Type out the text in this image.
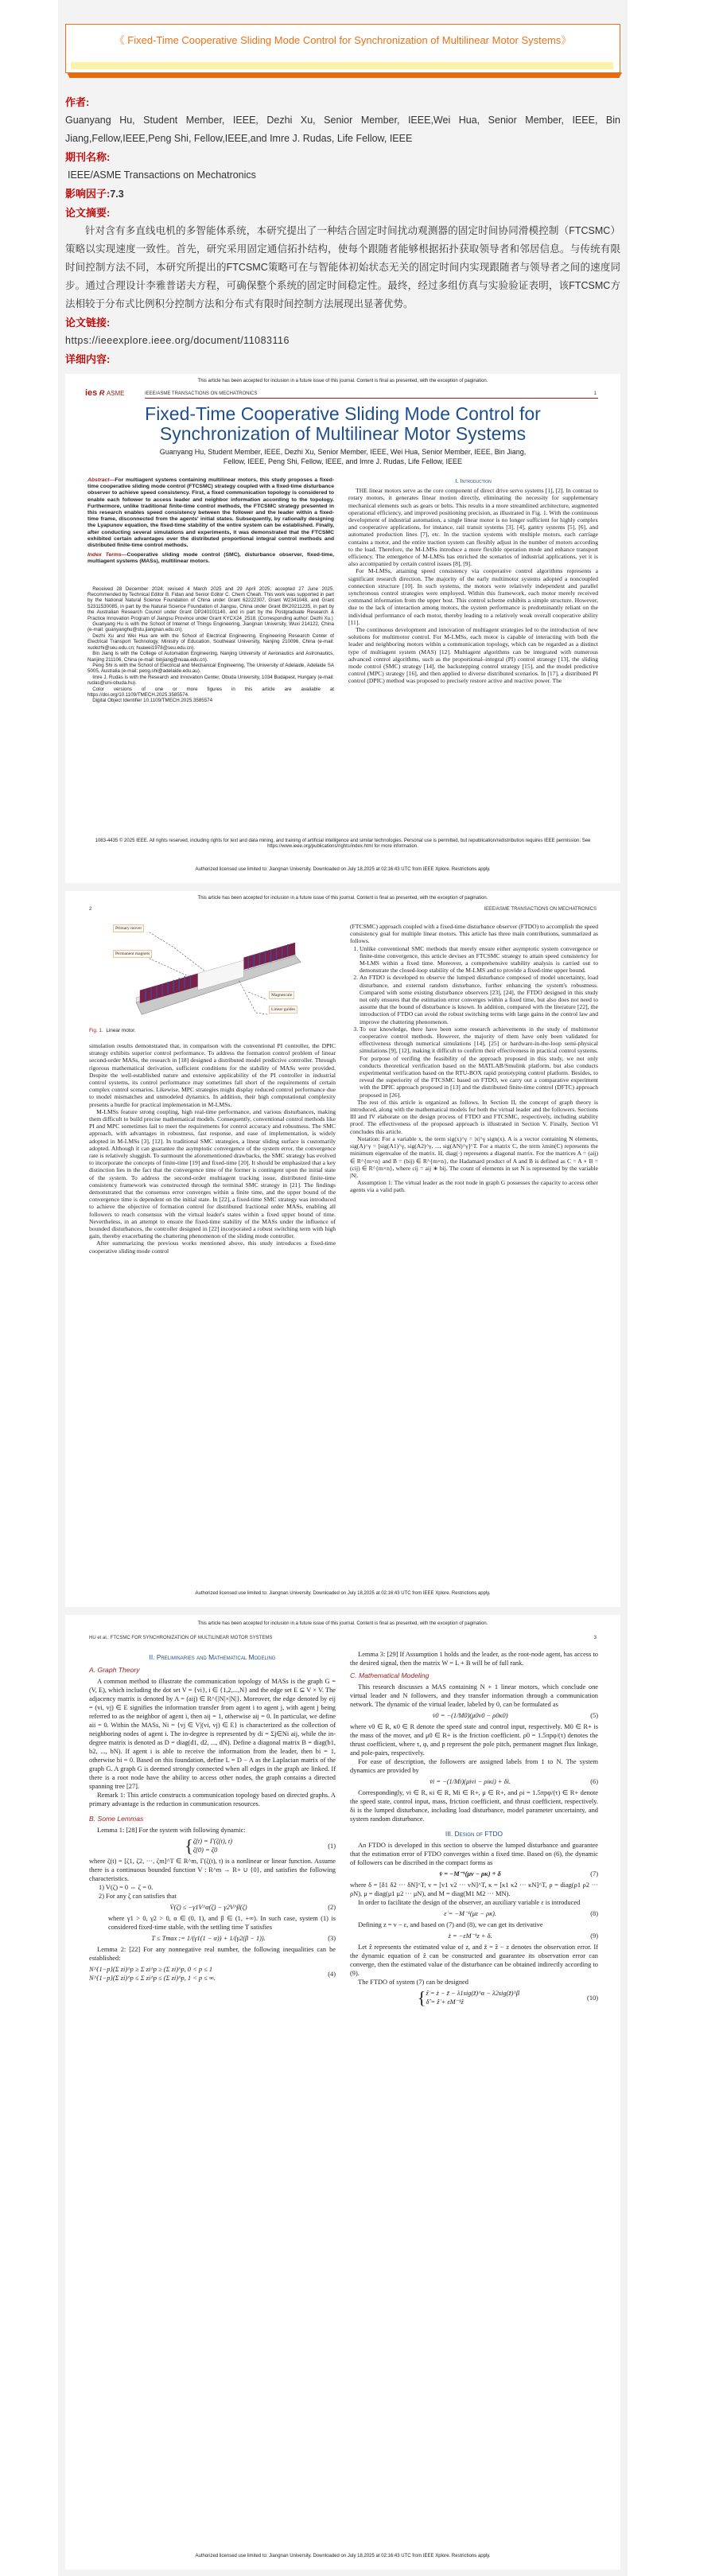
《 Fixed-Time Cooperative Sliding Mode Control for Synchronization of Multilinear Motor Systems》
作者:
Guanyang Hu, Student Member, IEEE, Dezhi Xu, Senior Member, IEEE,Wei Hua, Senior Member, IEEE, Bin Jiang,Fellow,IEEE,Peng Shi, Fellow,IEEE,and Imre J. Rudas, Life Fellow, IEEE
期刊名称:
IEEE/ASME Transactions on Mechatronics
影响因子:7.3
论文摘要:
针对含有多直线电机的多智能体系统，本研究提出了一种结合固定时间扰动观测器的固定时间协同滑模控制（FTCSMC）策略以实现速度一致性。首先，研究采用固定通信拓扑结构，使每个跟随者能够根据拓扑获取领导者和邻居信息。与传统有限时间控制方法不同，本研究所提出的FTCSMC策略可在与智能体初始状态无关的固定时间内实现跟随者与领导者之间的速度同步。通过合理设计李雅普诺夫方程，可确保整个系统的固定时间稳定性。最终，经过多组仿真与实验验证表明，该FTCSMC方法相较于分布式比例积分控制方法和分布式有限时间控制方法展现出显著优势。
论文链接:
https://ieeexplore.ieee.org/document/11083116
详细内容:
This article has been accepted for inclusion in a future issue of this journal. Content is final as presented, with the exception of pagination.
ies Ɍ ASME	IEEE/ASME TRANSACTIONS ON MECHATRONICS	1
Fixed-Time Cooperative Sliding Mode Control for Synchronization of Multilinear Motor Systems
Guanyang Hu, Student Member, IEEE, Dezhi Xu, Senior Member, IEEE, Wei Hua, Senior Member, IEEE, Bin Jiang, Fellow, IEEE, Peng Shi, Fellow, IEEE, and Imre J. Rudas, Life Fellow, IEEE
Abstract—For multiagent systems containing multilinear motors, this study proposes a fixed-time cooperative sliding mode control (FTCSMC) strategy coupled with a fixed-time disturbance observer to achieve speed consistency. First, a fixed communication topology is considered to enable each follower to access leader and neighbor information according to the topology. Furthermore, unlike traditional finite-time control methods, the FTCSMC strategy presented in this research enables speed consistency between the follower and the leader within a fixed-time frame, disconnected from the agents' initial states. Subsequently, by rationally designing the Lyapunov equation, the fixed-time stability of the entire system can be established. Finally, after conducting several simulations and experiments, it was demonstrated that the FTCSMC exhibited certain advantages over the distributed proportional integral control methods and distributed finite-time control methods.
Index Terms—Cooperative sliding mode control (SMC), disturbance observer, fixed-time, multiagent systems (MASs), multilinear motors.
Received 28 December 2024; revised 4 March 2025 and 29 April 2025; accepted 27 June 2025. Recommended by Technical Editor B. Fidan and Senior Editor C. Chern Cheah. This work was supported in part by the National Natural Science Foundation of China under Grant 62222307, Grant W2341048, and Grant 52311530085, in part by the Natural Science Foundation of Jiangsu, China under Grant BK20211235, in part by the Australian Research Council under Grant DP240101140, and in part by the Postgraduate Research & Practice Innovation Program of Jiangsu Province under Grant KYCX24_2518. (Corresponding author: Dezhi Xu.)
Guanyang Hu is with the School of Internet of Things Engineering, Jiangnan University, Wuxi 214122, China (e-mail: guanyanghu@stu.jiangnan.edu.cn).
Dezhi Xu and Wei Hua are with the School of Electrical Engineering, Engineering Research Center of Electrical Transport Technology, Ministry of Education, Southeast University, Nanjing 210096, China (e-mail: xudezhi@seu.edu.cn; huawei1978@seu.edu.cn).
Bin Jiang is with the College of Automation Engineering, Nanjing University of Aeronautics and Astronautics, Nanjing 211106, China (e-mail: binjiang@nuaa.edu.cn).
Peng Shi is with the School of Electrical and Mechanical Engineering, The University of Adelaide, Adelaide SA 5005, Australia (e-mail: peng.shi@adelaide.edu.au).
Imre J. Rudas is with the Research and Innovation Center, Obuda University, 1034 Budapest, Hungary (e-mail: rudas@uni-obuda.hu).
Color versions of one or more figures in this article are available at https://doi.org/10.1109/TMECH.2025.3585574.
Digital Object Identifier 10.1109/TMECH.2025.3585574
I. Introduction

THE linear motors serve as the core component of direct drive servo systems [1], [2]. In contrast to rotary motors, it generates linear motion directly, eliminating the necessity for supplementary mechanical elements such as gears or belts. This results in a more streamlined architecture, augmented operational efficiency, and improved positioning precision, as illustrated in Fig. 1. With the continuous development of industrial automation, a single linear motor is no longer sufficient for highly complex and cooperative applications, for instance, rail transit systems [3], [4], gantry systems [5], [6], and automated production lines [7], etc. In the traction systems with multiple motors, each carriage contains a motor, and the entire traction system can flexibly adjust in the number of motors according to the load. Therefore, the M-LMSs introduce a more flexible operation mode and enhance transport efficiency. The emergence of M-LMSs has enriched the scenarios of industrial applications, yet it is also accompanied by certain control issues [8], [9].

For M-LMSs, attaining speed consistency via cooperative control algorithms represents a significant research direction. The majority of the early multimotor systems adopted a noncoupled connection structure [10]. In such systems, the motors were relatively independent and parallel synchronous control strategies were employed. Within this framework, each motor merely received command information from the upper host. This control scheme exhibits a simple structure. However, due to the lack of interaction among motors, the system performance is predominantly reliant on the individual performance of each motor, thereby leading to a relatively weak overall cooperative ability [11].

The continuous development and innovation of multiagent strategies led to the introduction of new solutions for multimotor control. For M-LMSs, each motor is capable of interacting with both the leader and neighboring motors within a communication topology, which can be regarded as a distinct type of multiagent system (MAS) [12]. Multiagent algorithms can be integrated with numerous advanced control algorithms, such as the proportional–integral (PI) control strategy [13], the sliding mode control (SMC) strategy [14], the backstepping control strategy [15], and the model predictive control (MPC) strategy [16], and then applied to diverse distributed scenarios. In [17], a distributed PI control (DPIC) method was proposed to precisely restore active and reactive power. The

1083-4435 © 2025 IEEE. All rights reserved, including rights for text and data mining, and training of artificial intelligence and similar technologies. Personal use is permitted, but republication/redistribution requires IEEE permission. See https://www.ieee.org/publications/rights/index.html for more information.
Authorized licensed use limited to: Jiangnan University. Downloaded on July 18,2025 at 02:16:43 UTC from IEEE Xplore. Restrictions apply.
This article has been accepted for inclusion in a future issue of this journal. Content is final as presented, with the exception of pagination.
2	IEEE/ASME TRANSACTIONS ON MECHATRONICS
Primary mover
Permanent magnets
Magnescale
Linear guides
Fig. 1. Linear motor.

simulation results demonstrated that, in comparison with the conventional PI controller, the DPIC strategy exhibits superior control performance. To address the formation control problem of linear second-order MASs, the research in [18] designed a distributed model predictive controller. Through rigorous mathematical derivation, sufficient conditions for the stability of MASs were provided. Despite the well-established nature and extensive applicability of the PI controller in industrial control systems, its control performance may sometimes fall short of the requirements of certain complex control scenarios. Likewise, MPC strategies might display reduced control performance due to model mismatches and unmodeled dynamics. In addition, their high computational complexity presents a hurdle for practical implementation in M-LMSs.

M-LMSs feature strong coupling, high real-time performance, and various disturbances, making them difficult to build precise mathematical models. Consequently, conventional control methods like PI and MPC sometimes fail to meet the requirements for control accuracy and robustness. The SMC approach, with advantages in robustness, fast response, and ease of implementation, is widely adopted in M-LMSs [3], [12]. In traditional SMC strategies, a linear sliding surface is customarily adopted. Although it can guarantee the asymptotic convergence of the system error, the convergence rate is relatively sluggish. To surmount the aforementioned drawbacks, the SMC strategy has evolved to incorporate the concepts of finite-time [19] and fixed-time [20]. It should be emphasized that a key distinction lies in the fact that the convergence time of the former is contingent upon the initial state of the system. To address the second-order multiagent tracking issue, distributed finite-time consistency framework was constructed through the terminal SMC strategy in [21]. The findings demonstrated that the consensus error converges within a finite time, and the upper bound of the convergence time is dependent on the initial state. In [22], a fixed-time SMC strategy was introduced to achieve the objective of formation control for distributed fractional order MASs, enabling all followers to reach consensus with the virtual leader's states within a fixed upper bound of time. Nevertheless, in an attempt to ensure the fixed-time stability of the MASs under the influence of bounded disturbances, the controller designed in [22] incorporated a robust switching term with high gain, thereby exacerbating the chattering phenomenon of the sliding mode controller.

After summarizing the previous works mentioned above, this study introduces a fixed-time cooperative sliding mode control

(FTCSMC) approach coupled with a fixed-time disturbance observer (FTDO) to accomplish the speed consistency goal for multiple linear motors. This article has three main contributions, summarized as follows.

1. Unlike conventional SMC methods that merely ensure either asymptotic system convergence or finite-time convergence, this article devises an FTCSMC strategy to attain speed consistency for M-LMS within a fixed time. Moreover, a comprehensive stability analysis is carried out to demonstrate the closed-loop stability of the M-LMS and to provide a fixed-time upper bound.
2. An FTDO is developed to observe the lumped disturbance composed of model uncertainty, load disturbance, and external random disturbance, further enhancing the system's robustness. Compared with some existing disturbance observers [23], [24], the FTDO designed in this study not only ensures that the estimation error converges within a fixed time, but also does not need to assume that the bound of disturbance is known. In addition, compared with the literature [22], the introduction of FTDO can avoid the robust switching terms with large gains in the control law and improve the chattering phenomenon.
3. To our knowledge, there have been some research achievements in the study of multimotor cooperative control methods. However, the majority of them have only been validated for effectiveness through numerical simulations [14], [25] or hardware-in-the-loop semi-physical simulations [9], [12], making it difficult to confirm their effectiveness in practical control systems. For purpose of verifing the feasibility of the approach proposed in this study, we not only conducts theoretical verification based on the MATLAB/Smulink platform, but also conducts experimental verification based on the RTU-BOX rapid prototyping control platform. Besides, to reveal the superiority of the FTCSMC based on FTDO, we carry out a comparative experiment with the DPIC approach proposed in [13] and the distributed finite-time control (DFTC) approach proposed in [26].

The rest of this article is organized as follows. In Section II, the concept of graph theory is introduced, along with the mathematical models for both the virtual leader and the followers. Sections III and IV elaborate on the design process of FTDO and FTCSMC, respectively, including stability proof. The effectiveness of the proposed approach is illustrated in Section V. Finally, Section VI concludes this article.

Notation: For a variable x, the term sig(x)^γ = |x|^γ sign(x). A is a vector containing N elements, sig(A)^γ = [sig(A1)^γ, sig(A2)^γ, ..., sig(AN)^γ]^T. For a matrix C, the term λmin(C) represents the minimum eigenvalue of the matrix. H, diag(·) represents a diagonal matrix. For the matrices A = (aij) ∈ R^{m×n} and B = (bij) ∈ R^{m×n}, the Hadamard product of A and B is defined as C = A ∘ B = (cij) ∈ R^{m×n}, where cij = aij ∗ bij. The count of elements in set N is represented by the variable |N|.

Assumption 1: The virtual leader as the root node in graph G possesses the capacity to access other agents via a valid path.

Authorized licensed use limited to: Jiangnan University. Downloaded on July 18,2025 at 02:16:43 UTC from IEEE Xplore. Restrictions apply.
This article has been accepted for inclusion in a future issue of this journal. Content is final as presented, with the exception of pagination.
HU et al.: FTCSMC FOR SYNCHRONIZATION OF MULTILINEAR MOTOR SYSTEMS	3
II. Preliminaries and Mathematical Modeling
A. Graph Theory

A common method to illustrate the communication topology of MASs is the graph G = (V, E), which including the dot set V = {vi}, i ∈ {1,2,...,N} and the edge set E ⊆ V × V. The adjacency matrix is denoted by A = (aij) ∈ R^{|N|×|N|}. Moreover, the edge denoted by eij = (vi, vj) ∈ E signifies the information transfer from agent i to agent j, with agent j being referred to as the neighbor of agent i, then aij = 1, otherwise aij = 0. In particular, we define aii = 0. Within the MASs, Ni = {vj ∈ V|(vi, vj) ∈ E} is characterized as the collection of neighboring nodes of agent i. The in-degree is represented by di = Σj∈Ni aij, while the in-degree matrix is denoted as D = diag(d1, d2, ..., dN). Define a diagonal matrix B = diag(b1, b2, ..., bN). If agent i is able to receive the information from the leader, then bi = 1, otherwise bi = 0. Based on this foundation, define L = D − A as the Laplacian matrix of the graph G. A graph G is deemed strongly connected when all edges in the graph are linked. If there is a root node have the ability to access other nodes, the graph contains a directed spanning tree [27].

Remark 1: This article constructs a communication topology based on directed graphs. A primary advantage is the reduction in communication resources.

B. Some Lemmas

Lemma 1: [28] For the system with following dynamic:

{ζ̇(t) = Γ(ζ(t), t)
ζ(0) = ζ0
(1)

where ζ(t) = [ζ1, ζ2, ···, ζm]^T ∈ R^m, Γ(ζ(t), t) is a nonlinear or linear function. Assume there is a continuous bounded function V : R^m → R+ ∪ {0}, and satisfies the following characteristics.

1) V(ζ) = 0 ⇔ ζ = 0.
2) For any ζ can satisfies that
V̇(ζ) ≤ −γ1V^α(ζ) − γ2V^β(ζ)	(2)

where γ1 > 0, γ2 > 0, α ∈ (0, 1), and β ∈ (1, +∞). In such case, system (1) is considered fixed-time stable, with the settling time T satisfies

T ≤ Tmax := 1/(γ1(1 − α)) + 1/(γ2(β − 1)).	(3)

Lemma 2: [22] For any nonnegative real number, the following inequalities can be established:

N^{1−p}(Σ zi)^p ≥ Σ zi^p ≥ (Σ zi)^p, 0 < p ≤ 1
N^{1−p}(Σ zi)^p ≤ Σ zi^p ≤ (Σ zi)^p, 1 < p ≤ ∞.
(4)

Lemma 3: [29] If Assumption 1 holds and the leader, as the root-node agent, has access to the desired signal, then the matrix W = L + B will be of full rank.

C. Mathematical Modeling

This research discusses a MAS containing N + 1 linear motors, which conclude one virtual leader and N followers, and they transfer information through a communication network. The dynamic of the virtual leader, labeled by 0, can be formulated as

v̇0 = −(1/M0)(μ0v0 − ρ0κ0)	(5)

where v0 ∈ R, κ0 ∈ R denote the speed state and control input, respectively. M0 ∈ R+ is the mass of the mover, and μ0 ∈ R+ is the friction coefficient. ρ0 = 1.5πpφ/(τ) denotes the thrust coefficient, where τ, φ, and p represent the pole pitch, permanent magnet flux linkage, and pole-pairs, respectively.

For ease of description, the followers are assigned labels from 1 to N. The system dynamics are provided by

v̇i = −(1/Mi)(μivi − ρiκi) + δi.	(6)

Correspondingly, vi ∈ R, κi ∈ R, Mi ∈ R+, μ ∈ R+, and ρi = 1.5πpφ/(τ) ∈ R+ denote the speed state, control input, mass, friction coefficient, and thrust coefficient, respectively. δi is the lumped disturbance, including load disturbance, model parameter uncertainty, and system random disturbance.

III. Design of FTDO

An FTDO is developed in this section to observe the lumped disturbance and guarantee that the estimation error of FTDO converges within a fixed time. Based on (6), the dynamic of followers can be discribed in the compact forms as

v̇ = −M⁻¹(μv − ρκ) + δ	(7)

where δ = [δ1 δ2 ··· δN]^T, v = [v1 v2 ··· vN]^T, κ = [κ1 κ2 ··· κN]^T, ρ = diag(ρ1 ρ2 ··· ρN), μ = diag(μ1 μ2 ··· μN), and M = diag(M1 M2 ··· MN).

In order to facilitate the design of the observer, an auxiliary variable ε is introduced

ε̇ = −M⁻¹(με − ρκ).	(8)

Defining z = v − ε, and based on (7) and (8), we can get its derivative

ż = −εM⁻¹z + δ.	(9)

Let ẑ represents the estimated value of z, and z̃ = ẑ − z denotes the observation error. If the dynamic equation of ẑ can be constructed and guarantee its observation error can converge, then the estimated value of the disturbance can be obtained indirectly according to (9).

The FTDO of system (7) can be designed

{ẑ̇ = ż − z̃ − λ1sig(z̃)^α − λ2sig(z̃)^β
δ̂ = ẑ̇ + εM⁻¹ẑ
(10)
Authorized licensed use limited to: Jiangnan University. Downloaded on July 18,2025 at 02:16:43 UTC from IEEE Xplore. Restrictions apply.
